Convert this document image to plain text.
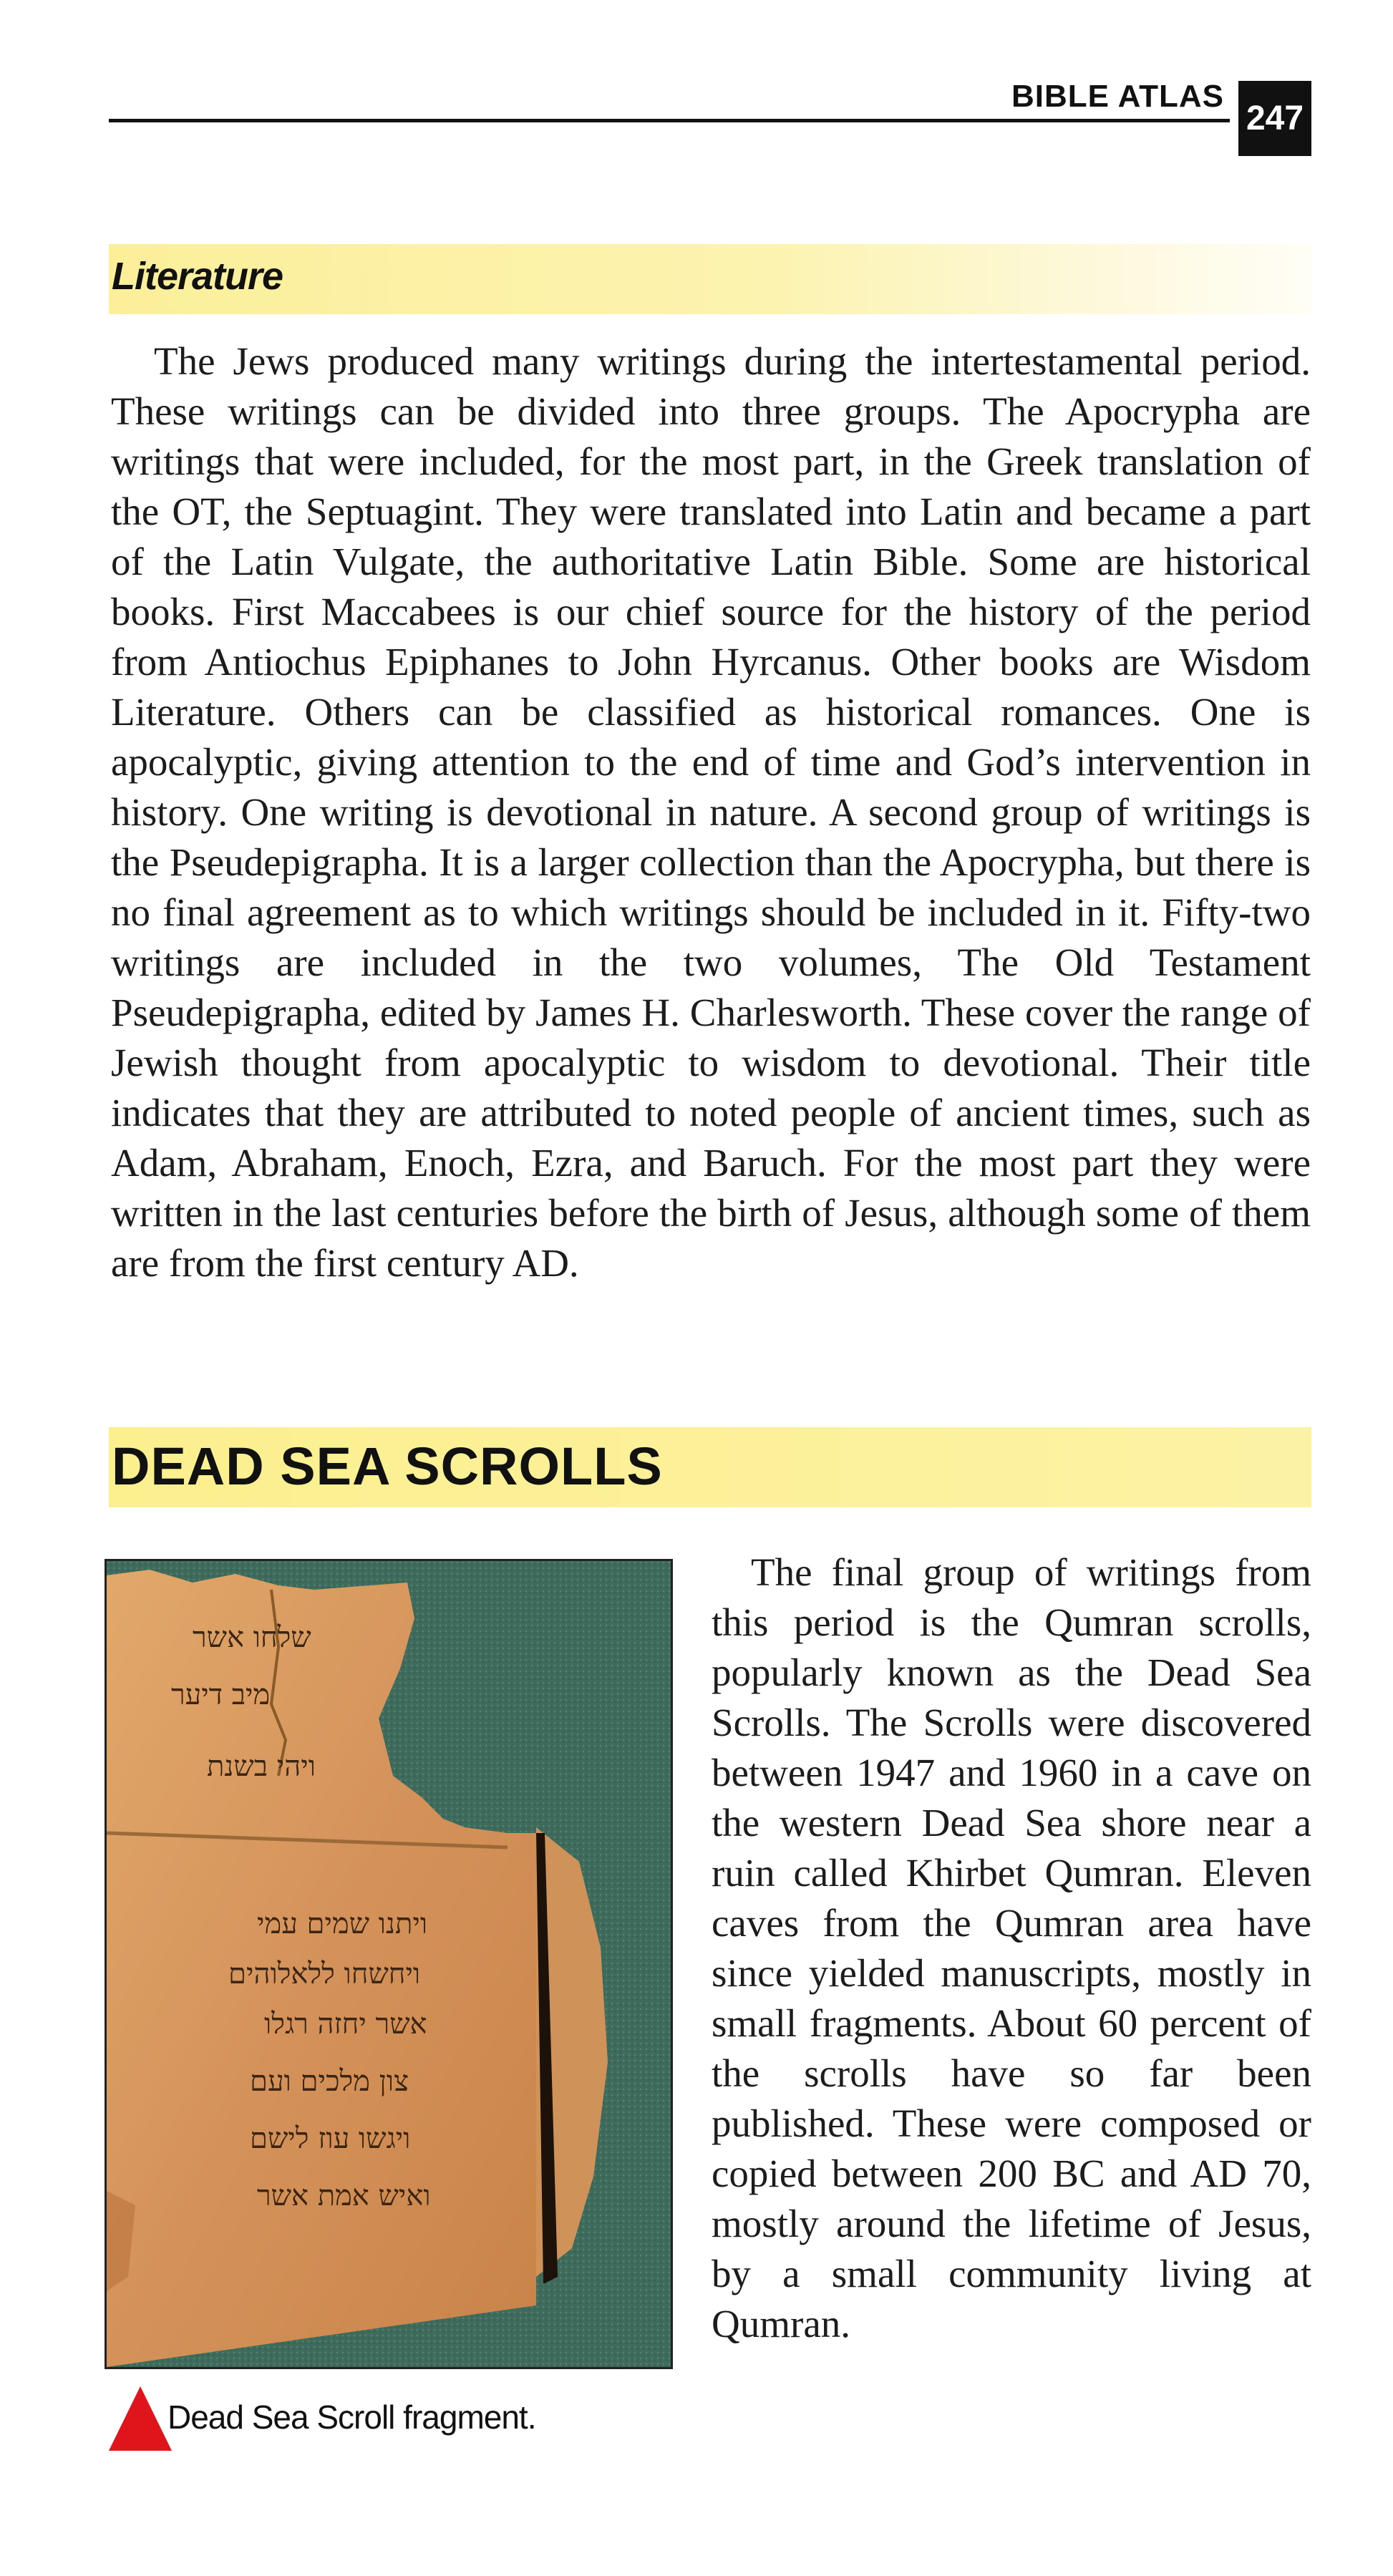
BIBLE ATLAS
247
Literature

The Jews produced many writings during the intertestamental period. These writings can be divided into three groups. The Apocrypha are writings that were included, for the most part, in the Greek translation of the OT, the Septuagint. They were translated into Latin and became a part of the Latin Vulgate, the authoritative Latin Bible. Some are historical books. First Maccabees is our chief source for the history of the period from Antiochus Epiphanes to John Hyrcanus. Other books are Wisdom Literature. Others can be classified as historical romances. One is apocalyptic, giving attention to the end of time and God’s intervention in history. One writing is devotional in nature. A second group of writings is the Pseudepigrapha. It is a larger collection than the Apocrypha, but there is no final agreement as to which writings should be included in it. Fifty-two writings are included in the two volumes, The Old Testament Pseudepigrapha, edited by James H. Charlesworth. These cover the range of Jewish thought from apocalyptic to wisdom to devotional. Their title indicates that they are attributed to noted people of ancient times, such as Adam, Abraham, Enoch, Ezra, and Baruch. For the most part they were written in the last centuries before the birth of Jesus, although some of them are from the first century AD.

DEAD SEA SCROLLS
שלחו אשר
מיב דיער
ויהי בשנת
ויתנו שמים עמי
ויחשחו ללאלוהים
אשר יחזה רגלו
צון מלכים ועם
ויגשו עוז לישם
ואיש אמת אשר
Dead Sea Scroll fragment.

The final group of writings from this period is the Qumran scrolls, popularly known as the Dead Sea Scrolls. The Scrolls were discovered between 1947 and 1960 in a cave on the western Dead Sea shore near a ruin called Khirbet Qumran. Eleven caves from the Qumran area have since yielded manuscripts, mostly in small fragments. About 60 percent of the scrolls have so far been published. These were composed or copied between 200 BC and AD 70, mostly around the lifetime of Jesus, by a small community living at Qumran.
